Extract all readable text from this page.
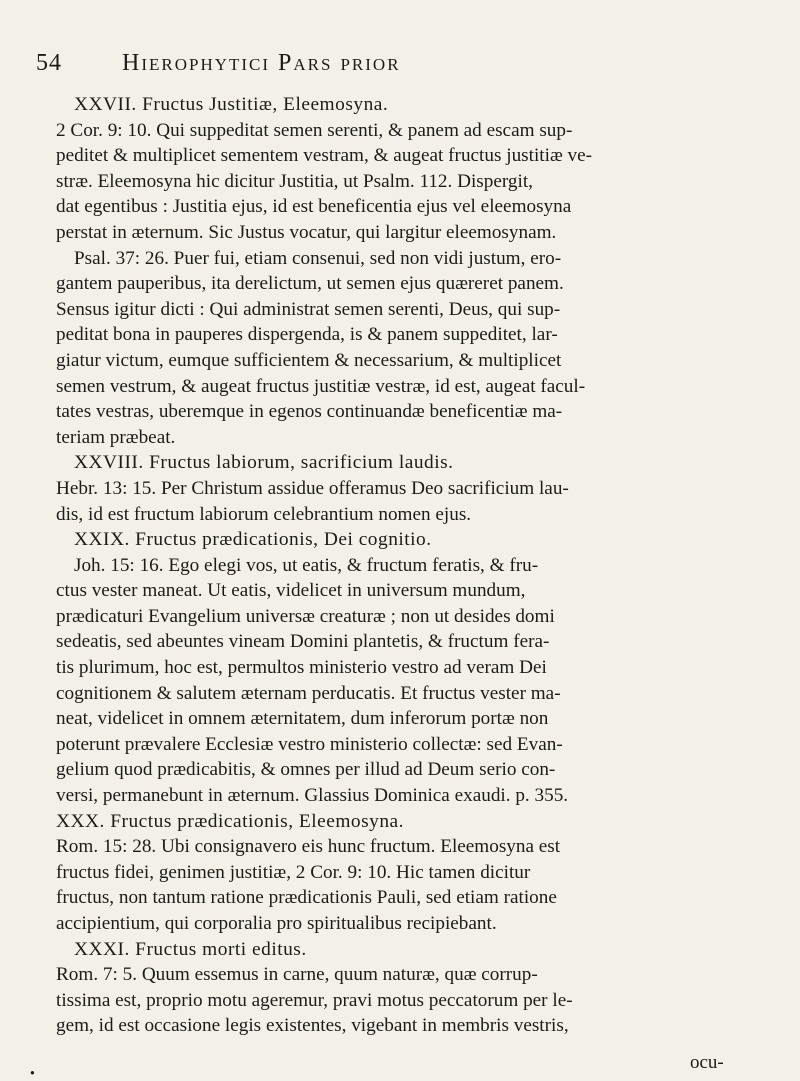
54	Hierophytici Pars prior
XXVII. Fructus Justitiæ, Eleemosyna.
2 Cor. 9: 10. Qui suppeditat semen serenti, & panem ad escam sup-
peditet & multiplicet sementem vestram, & augeat fructus justitiæ ve-
stræ. Eleemosyna hic dicitur Justitia, ut Psalm. 112. Dispergit,
dat egentibus : Justitia ejus, id est beneficentia ejus vel eleemosyna
perstat in æternum. Sic Justus vocatur, qui largitur eleemosynam.
Psal. 37: 26. Puer fui, etiam consenui, sed non vidi justum, ero-
gantem pauperibus, ita derelictum, ut semen ejus quæreret panem.
Sensus igitur dicti : Qui administrat semen serenti, Deus, qui sup-
peditat bona in pauperes dispergenda, is & panem suppeditet, lar-
giatur victum, eumque sufficientem & necessarium, & multiplicet
semen vestrum, & augeat fructus justitiæ vestræ, id est, augeat facul-
tates vestras, uberemque in egenos continuandæ beneficentiæ ma-
teriam præbeat.
XXVIII. Fructus labiorum, sacrificium laudis.
Hebr. 13: 15. Per Christum assidue offeramus Deo sacrificium lau-
dis, id est fructum labiorum celebrantium nomen ejus.
XXIX. Fructus prædicationis, Dei cognitio.
Joh. 15: 16. Ego elegi vos, ut eatis, & fructum feratis, & fru-
ctus vester maneat. Ut eatis, videlicet in universum mundum,
prædicaturi Evangelium universæ creaturæ ; non ut desides domi
sedeatis, sed abeuntes vineam Domini plantetis, & fructum fera-
tis plurimum, hoc est, permultos ministerio vestro ad veram Dei
cognitionem & salutem æternam perducatis. Et fructus vester ma-
neat, videlicet in omnem æternitatem, dum inferorum portæ non
poterunt prævalere Ecclesiæ vestro ministerio collectæ: sed Evan-
gelium quod prædicabitis, & omnes per illud ad Deum serio con-
versi, permanebunt in æternum. Glassius Dominica exaudi. p. 355.
XXX. Fructus prædicationis, Eleemosyna.
Rom. 15: 28. Ubi consignavero eis hunc fructum. Eleemosyna est
fructus fidei, genimen justitiæ, 2 Cor. 9: 10. Hic tamen dicitur
fructus, non tantum ratione prædicationis Pauli, sed etiam ratione
accipientium, qui corporalia pro spiritualibus recipiebant.
XXXI. Fructus morti editus.
Rom. 7: 5. Quum essemus in carne, quum naturæ, quæ corrup-
tissima est, proprio motu ageremur, pravi motus peccatorum per le-
gem, id est occasione legis existentes, vigebant in membris vestris,
ocu-
●
